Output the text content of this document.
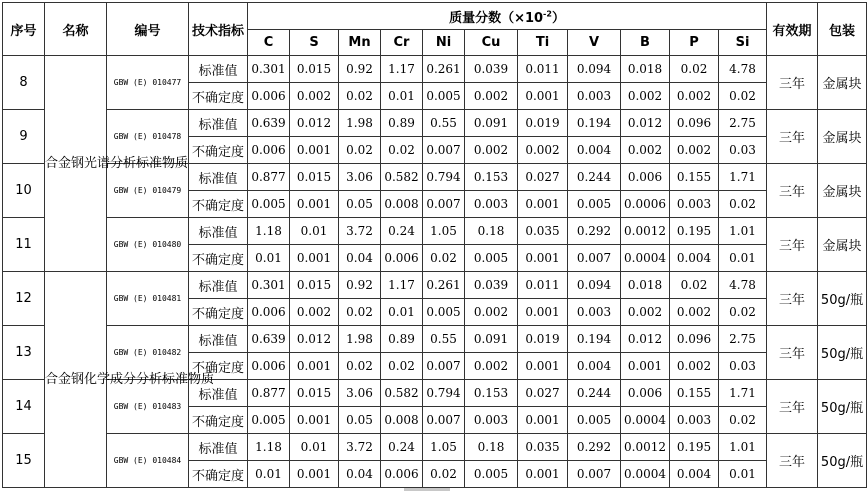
序号	名称	编号	技术指标	质量分数$(\times 10^{-2})$											有效期	包装
				C	S	Mn	Cr	Ni	Cu	Ti	V	B	P	Si		
8	合金钢光谱分析标准物质	GBW (E) 010477	标准值	0.301	0.015	0.92	1.17	0.261	0.039	0.011	0.094	0.018	0.02	4.78	三年	金属块
			不确定度	0.006	0.002	0.02	0.01	0.005	0.002	0.001	0.003	0.002	0.002	0.02		
9		GBW (E) 010478	标准值	0.639	0.012	1.98	0.89	0.55	0.091	0.019	0.194	0.012	0.096	2.75	三年	金属块
			不确定度	0.006	0.001	0.02	0.02	0.007	0.002	0.002	0.004	0.002	0.002	0.03		
10		GBW (E) 010479	标准值	0.877	0.015	3.06	0.582	0.794	0.153	0.027	0.244	0.006	0.155	1.71	三年	金属块
			不确定度	0.005	0.001	0.05	0.008	0.007	0.003	0.001	0.005	0.0006	0.003	0.02		
11		GBW (E) 010480	标准值	1.18	0.01	3.72	0.24	1.05	0.18	0.035	0.292	0.0012	0.195	1.01	三年	金属块
			不确定度	0.01	0.001	0.04	0.006	0.02	0.005	0.001	0.007	0.0004	0.004	0.01		
12	合金钢化学成分分析标准物质	GBW (E) 010481	标准值	0.301	0.015	0.92	1.17	0.261	0.039	0.011	0.094	0.018	0.02	4.78	三年	50g/瓶
			不确定度	0.006	0.002	0.02	0.01	0.005	0.002	0.001	0.003	0.002	0.002	0.02		
13		GBW (E) 010482	标准值	0.639	0.012	1.98	0.89	0.55	0.091	0.019	0.194	0.012	0.096	2.75	三年	50g/瓶
			不确定度	0.006	0.001	0.02	0.02	0.007	0.002	0.001	0.004	0.001	0.002	0.03		
14		GBW (E) 010483	标准值	0.877	0.015	3.06	0.582	0.794	0.153	0.027	0.244	0.006	0.155	1.71	三年	50g/瓶
			不确定度	0.005	0.001	0.05	0.008	0.007	0.003	0.001	0.005	0.0004	0.003	0.02		
15		GBW (E) 010484	标准值	1.18	0.01	3.72	0.24	1.05	0.18	0.035	0.292	0.0012	0.195	1.01	三年	50g/瓶
			不确定度	0.01	0.001	0.04	0.006	0.02	0.005	0.001	0.007	0.0004	0.004	0.01		
